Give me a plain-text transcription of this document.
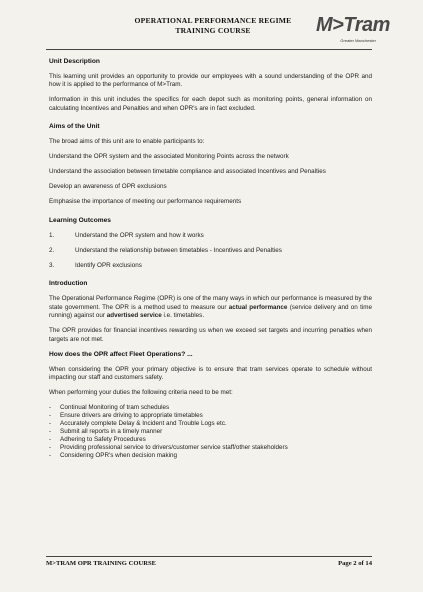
OPERATIONAL PERFORMANCE REGIME
TRAINING COURSE	M>Tram
Greater Manchester
Unit Description
This learning unit provides an opportunity to provide our employees with a sound understanding of the OPR and how it is applied to the performance of M>Tram.
Information in this unit includes the specifics for each depot such as monitoring points, general information on calculating Incentives and Penalties and when OPR's are in fact excluded.
Aims of the Unit
The broad aims of this unit are to enable participants to:
Understand the OPR system and the associated Monitoring Points across the network
Understand the association between timetable compliance and associated Incentives and Penalties
Develop an awareness of OPR exclusions
Emphasise the importance of meeting our performance requirements
Learning Outcomes
1.	Understand the OPR system and how it works
2.	Understand the relationship between timetables - Incentives and Penalties
3.	Identify OPR exclusions
Introduction
The Operational Performance Regime (OPR) is one of the many ways in which our performance is measured by the state government. The OPR is a method used to measure our actual performance (service delivery and on time running) against our advertised service i.e. timetables.
The OPR provides for financial incentives rewarding us when we exceed set targets and incurring penalties when targets are not met.
How does the OPR affect Fleet Operations? ...
When considering the OPR your primary objective is to ensure that tram services operate to schedule without impacting our staff and customers safety.
When performing your duties the following criteria need to be met:
- Continual Monitoring of tram schedules
- Ensure drivers are driving to appropriate timetables
- Accurately complete Delay & Incident and Trouble Logs etc.
- Submit all reports in a timely manner
- Adhering to Safety Procedures
- Providing professional service to drivers/customer service staff/other stakeholders
- Considering OPR's when decision making
M>TRAM OPR TRAINING COURSE	Page 2 of 14
